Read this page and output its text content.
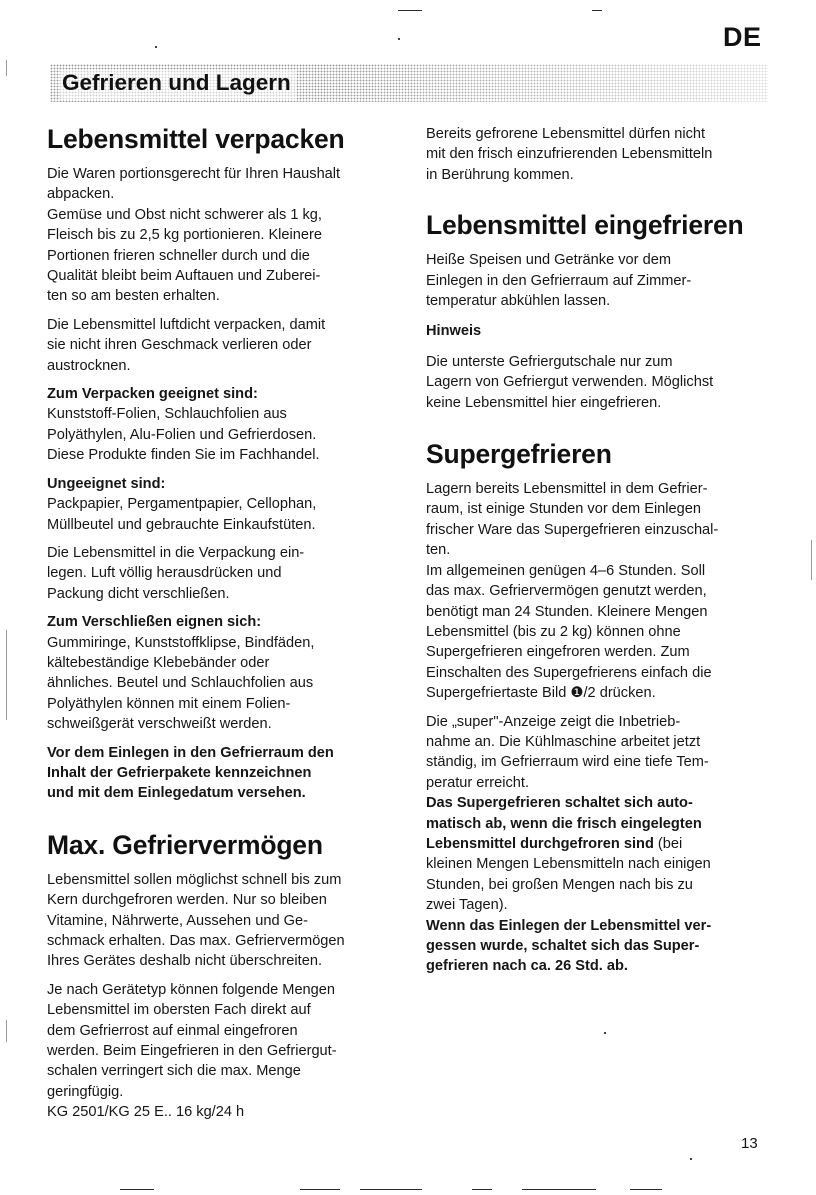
DE
Gefrieren und Lagern
Lebensmittel verpacken

Die Waren portionsgerecht für Ihren Haushalt
abpacken.
Gemüse und Obst nicht schwerer als 1 kg,
Fleisch bis zu 2,5 kg portionieren. Kleinere
Portionen frieren schneller durch und die
Qualität bleibt beim Auftauen und Zuberei-
ten so am besten erhalten.

Die Lebensmittel luftdicht verpacken, damit
sie nicht ihren Geschmack verlieren oder
austrocknen.

Zum Verpacken geeignet sind:

Kunststoff-Folien, Schlauchfolien aus
Polyäthylen, Alu-Folien und Gefrierdosen.
Diese Produkte finden Sie im Fachhandel.

Ungeeignet sind:

Packpapier, Pergamentpapier, Cellophan,
Müllbeutel und gebrauchte Einkaufstüten.

Die Lebensmittel in die Verpackung ein-
legen. Luft völlig herausdrücken und
Packung dicht verschließen.

Zum Verschließen eignen sich:

Gummiringe, Kunststoffklipse, Bindfäden,
kältebeständige Klebebänder oder
ähnliches. Beutel und Schlauchfolien aus
Polyäthylen können mit einem Folien-
schweißgerät verschweißt werden.

Vor dem Einlegen in den Gefrierraum den
Inhalt der Gefrierpakete kennzeichnen
und mit dem Einlegedatum versehen.

Max. Gefriervermögen

Lebensmittel sollen möglichst schnell bis zum
Kern durchgefroren werden. Nur so bleiben
Vitamine, Nährwerte, Aussehen und Ge-
schmack erhalten. Das max. Gefriervermögen
Ihres Gerätes deshalb nicht überschreiten.

Je nach Gerätetyp können folgende Mengen
Lebensmittel im obersten Fach direkt auf
dem Gefrierrost auf einmal eingefroren
werden. Beim Eingefrieren in den Gefriergut-
schalen verringert sich die max. Menge
geringfügig.
KG 2501/KG 25 E.. 16 kg/24 h

Bereits gefrorene Lebensmittel dürfen nicht
mit den frisch einzufrierenden Lebensmitteln
in Berührung kommen.

Lebensmittel eingefrieren

Heiße Speisen und Getränke vor dem
Einlegen in den Gefrierraum auf Zimmer-
temperatur abkühlen lassen.

Hinweis

Die unterste Gefriergutschale nur zum
Lagern von Gefriergut verwenden. Möglichst
keine Lebensmittel hier eingefrieren.

Supergefrieren

Lagern bereits Lebensmittel in dem Gefrier-
raum, ist einige Stunden vor dem Einlegen
frischer Ware das Supergefrieren einzuschal-
ten.
Im allgemeinen genügen 4–6 Stunden. Soll
das max. Gefriervermögen genutzt werden,
benötigt man 24 Stunden. Kleinere Mengen
Lebensmittel (bis zu 2 kg) können ohne
Supergefrieren eingefroren werden. Zum
Einschalten des Supergefrierens einfach die
Supergefriertaste Bild ❶/2 drücken.

Die „super"-Anzeige zeigt die Inbetrieb-
nahme an. Die Kühlmaschine arbeitet jetzt
ständig, im Gefrierraum wird eine tiefe Tem-
peratur erreicht.

Das Supergefrieren schaltet sich auto-
matisch ab, wenn die frisch eingelegten
Lebensmittel durchgefroren sind (bei
kleinen Mengen Lebensmitteln nach einigen
Stunden, bei großen Mengen nach bis zu
zwei Tagen).

Wenn das Einlegen der Lebensmittel ver-
gessen wurde, schaltet sich das Super-
gefrieren nach ca. 26 Std. ab.

13
